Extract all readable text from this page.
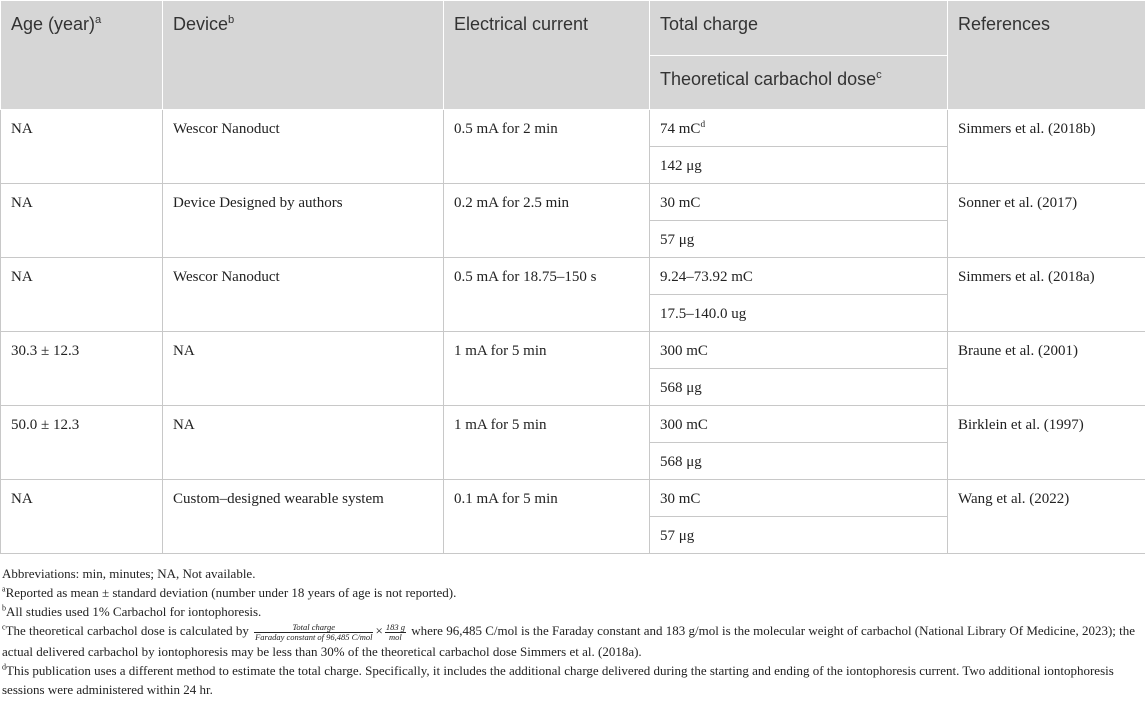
Age (year)$^a$	Device$^b$	Electrical current	Total charge	References
			Theoretical carbachol dose$^c$
NA	Wescor Nanoduct	0.5 mA for 2 min	74 $mC^d$	Simmers et al. (2018b)
			142 μg	
NA	Device Designed by authors	0.2 mA for 2.5 min	30 mC	Sonner et al. (2017)
			57 μg	
NA	Wescor Nanoduct	0.5 mA for 18.75–150 s	9.24–73.92 mC	Simmers et al. (2018a)
			17.5–140.0 ug	
30.3 ± 12.3	NA	1 mA for 5 min	300 mC	Braune et al. (2001)
			568 μg	
50.0 ± 12.3	NA	1 mA for 5 min	300 mC	Birklein et al. (1997)
			568 μg	
NA	Custom–designed wearable system	0.1 mA for 5 min	30 mC	Wang et al. (2022)
			57 μg	

Abbreviations: min, minutes; NA, Not available.

$^a$Reported as mean ± standard deviation (number under 18 years of age is not reported).

$^b$All studies used 1% Carbachol for iontophoresis.

$^c$The theoretical carbachol dose is calculated by $\frac{\text{Total charge}}{\text{Faraday constant of 96,485 C/mol}} \times \frac{183 g}{\text{mol}}$ where 96,485 C/mol is the Faraday constant and 183 g/mol is the molecular weight of carbachol (National Library Of Medicine, 2023); the actual delivered carbachol by iontophoresis may be less than 30% of the theoretical carbachol dose Simmers et al. (2018a).

$^d$This publication uses a different method to estimate the total charge. Specifically, it includes the additional charge delivered during the starting and ending of the iontophoresis current. Two additional iontophoresis sessions were administered within 24 hr.
